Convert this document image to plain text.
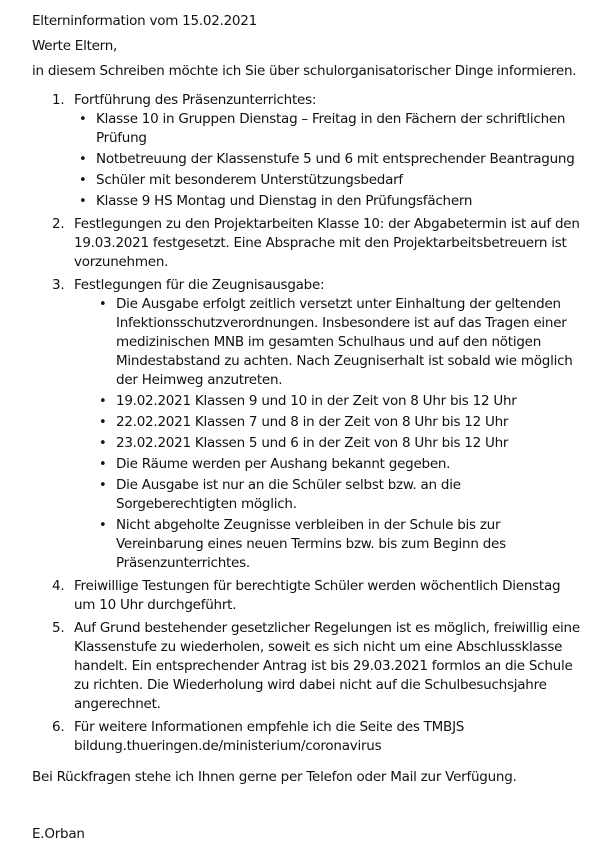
Elterninformation vom 15.02.2021

Werte Eltern,

in diesem Schreiben möchte ich Sie über schulorganisatorischer Dinge informieren.

1. Fortführung des Präsenzunterrichtes:
• Klasse 10 in Gruppen Dienstag – Freitag in den Fächern der schriftlichen Prüfung
• Notbetreuung der Klassenstufe 5 und 6 mit entsprechender Beantragung
• Schüler mit besonderem Unterstützungsbedarf
• Klasse 9 HS Montag und Dienstag in den Prüfungsfächern
2. Festlegungen zu den Projektarbeiten Klasse 10: der Abgabetermin ist auf den 19.03.2021 festgesetzt. Eine Absprache mit den Projektarbeitsbetreuern ist vorzunehmen.
3. Festlegungen für die Zeugnisausgabe:
• Die Ausgabe erfolgt zeitlich versetzt unter Einhaltung der geltenden Infektionsschutzverordnungen. Insbesondere ist auf das Tragen einer medizinischen MNB im gesamten Schulhaus und auf den nötigen Mindestabstand zu achten. Nach Zeugniserhalt ist sobald wie möglich der Heimweg anzutreten.
• 19.02.2021 Klassen 9 und 10 in der Zeit von 8 Uhr bis 12 Uhr
• 22.02.2021 Klassen 7 und 8 in der Zeit von 8 Uhr bis 12 Uhr
• 23.02.2021 Klassen 5 und 6 in der Zeit von 8 Uhr bis 12 Uhr
• Die Räume werden per Aushang bekannt gegeben.
• Die Ausgabe ist nur an die Schüler selbst bzw. an die Sorgeberechtigten möglich.
• Nicht abgeholte Zeugnisse verbleiben in der Schule bis zur Vereinbarung eines neuen Termins bzw. bis zum Beginn des Präsenzunterrichtes.
4. Freiwillige Testungen für berechtigte Schüler werden wöchentlich Dienstag um 10 Uhr durchgeführt.
5. Auf Grund bestehender gesetzlicher Regelungen ist es möglich, freiwillig eine Klassenstufe zu wiederholen, soweit es sich nicht um eine Abschlussklasse handelt. Ein entsprechender Antrag ist bis 29.03.2021 formlos an die Schule zu richten. Die Wiederholung wird dabei nicht auf die Schulbesuchsjahre angerechnet.
6. Für weitere Informationen empfehle ich die Seite des TMBJS bildung.thueringen.de/ministerium/coronavirus

Bei Rückfragen stehe ich Ihnen gerne per Telefon oder Mail zur Verfügung.

E.Orban
